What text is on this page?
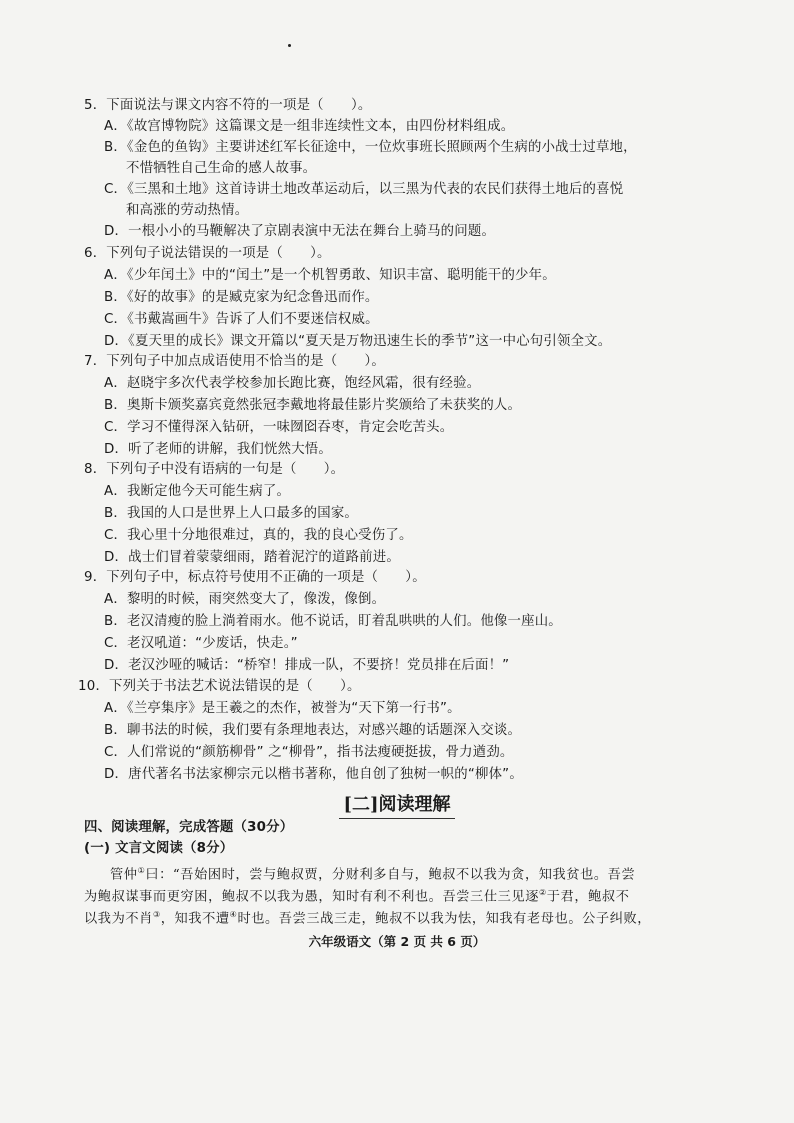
5．下面说法与课文内容不符的一项是（　　）。
A．《故宫博物院》这篇课文是一组非连续性文本，由四份材料组成。
B．《金色的鱼钩》主要讲述红军长征途中，一位炊事班长照顾两个生病的小战士过草地，
不惜牺牲自己生命的感人故事。
C．《三黑和土地》这首诗讲土地改革运动后，以三黑为代表的农民们获得土地后的喜悦
和高涨的劳动热情。
D．一根小小的马鞭解决了京剧表演中无法在舞台上骑马的问题。
6．下列句子说法错误的一项是（　　）。
A．《少年闰土》中的“闰土”是一个机智勇敢、知识丰富、聪明能干的少年。
B．《好的故事》的是臧克家为纪念鲁迅而作。
C．《书戴嵩画牛》告诉了人们不要迷信权威。
D．《夏天里的成长》课文开篇以“夏天是万物迅速生长的季节”这一中心句引领全文。
7．下列句子中加点成语使用不恰当的是（　　）。
A．赵晓宇多次代表学校参加长跑比赛，饱经风霜，很有经验。
B．奥斯卡颁奖嘉宾竟然张冠李戴地将最佳影片奖颁给了未获奖的人。
C．学习不懂得深入钻研，一味囫囵吞枣，肯定会吃苦头。
D．听了老师的讲解，我们恍然大悟。
8．下列句子中没有语病的一句是（　　）。
A．我断定他今天可能生病了。
B．我国的人口是世界上人口最多的国家。
C．我心里十分地很难过，真的，我的良心受伤了。
D．战士们冒着蒙蒙细雨，踏着泥泞的道路前进。
9．下列句子中，标点符号使用不正确的一项是（　　）。
A．黎明的时候，雨突然变大了，像泼，像倒。
B．老汉清瘦的脸上淌着雨水。他不说话，盯着乱哄哄的人们。他像一座山。
C．老汉吼道：“少废话，快走。”
D．老汉沙哑的喊话：“桥窄！排成一队，不要挤！党员排在后面！”
10．下列关于书法艺术说法错误的是（　　）。
A．《兰亭集序》是王羲之的杰作，被誉为“天下第一行书”。
B．聊书法的时候，我们要有条理地表达，对感兴趣的话题深入交谈。
C．人们常说的“颜筋柳骨” 之“柳骨”，指书法瘦硬挺拔，骨力遒劲。
D．唐代著名书法家柳宗元以楷书著称，他自创了独树一帜的“柳体”。
[二]阅读理解
四、阅读理解，完成答题（30分）
(一) 文言文阅读（8分）
管仲①曰：“吾始困时，尝与鲍叔贾，分财利多自与，鲍叔不以我为贪，知我贫也。吾尝
为鲍叔谋事而更穷困，鲍叔不以我为愚，知时有利不利也。吾尝三仕三见逐②于君，鲍叔不
以我为不肖③，知我不遭④时也。吾尝三战三走，鲍叔不以我为怯，知我有老母也。公子纠败，
六年级语文（第 2 页 共 6 页）
